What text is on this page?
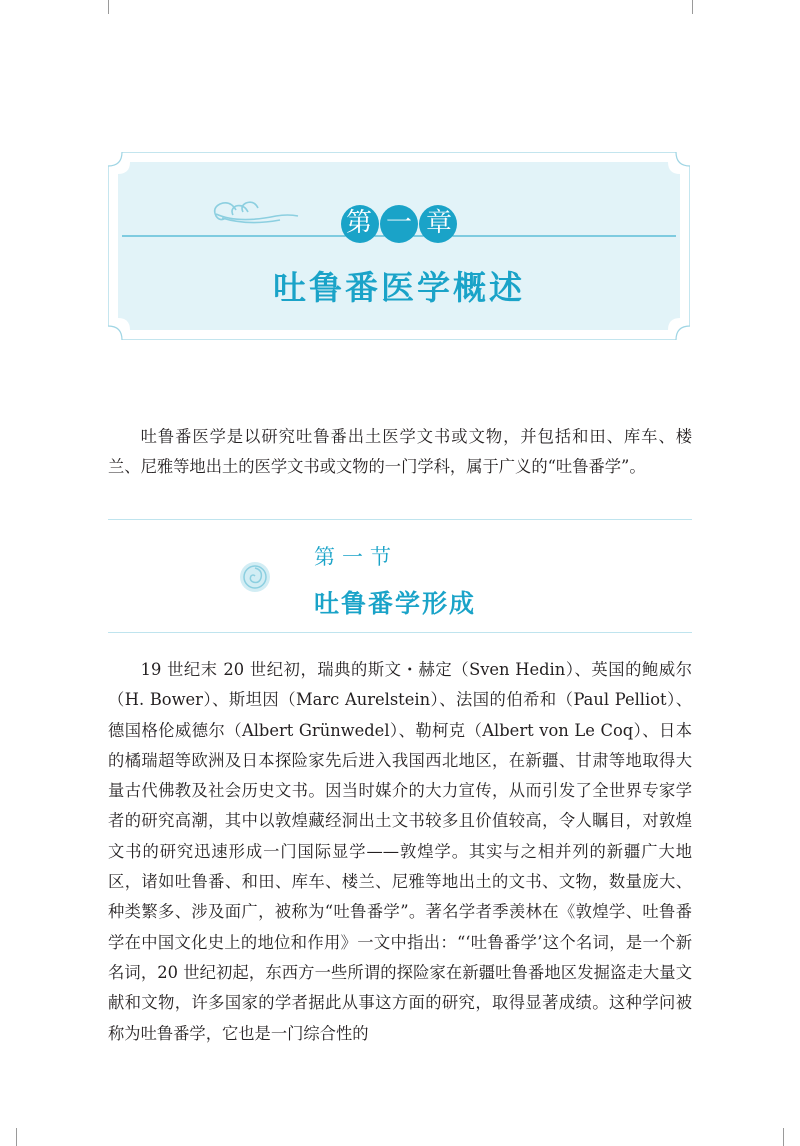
第一章
吐鲁番医学概述

吐鲁番医学是以研究吐鲁番出土医学文书或文物，并包括和田、库车、楼兰、尼雅等地出土的医学文书或文物的一门学科，属于广义的“吐鲁番学”。

第一节
吐鲁番学形成

19 世纪末 20 世纪初，瑞典的斯文・赫定（Sven Hedin）、英国的鲍威尔（H. Bower）、斯坦因（Marc Aurelstein）、法国的伯希和（Paul Pelliot）、德国格伦威德尔（Albert Grünwedel）、勒柯克（Albert von Le Coq）、日本的橘瑞超等欧洲及日本探险家先后进入我国西北地区，在新疆、甘肃等地取得大量古代佛教及社会历史文书。因当时媒介的大力宣传，从而引发了全世界专家学者的研究高潮，其中以敦煌藏经洞出土文书较多且价值较高，令人瞩目，对敦煌文书的研究迅速形成一门国际显学——敦煌学。其实与之相并列的新疆广大地区，诸如吐鲁番、和田、库车、楼兰、尼雅等地出土的文书、文物，数量庞大、种类繁多、涉及面广，被称为“吐鲁番学”。著名学者季羡林在《敦煌学、吐鲁番学在中国文化史上的地位和作用》一文中指出：“‘吐鲁番学’这个名词，是一个新名词，20 世纪初起，东西方一些所谓的探险家在新疆吐鲁番地区发掘盗走大量文献和文物，许多国家的学者据此从事这方面的研究，取得显著成绩。这种学问被称为吐鲁番学，它也是一门综合性的
